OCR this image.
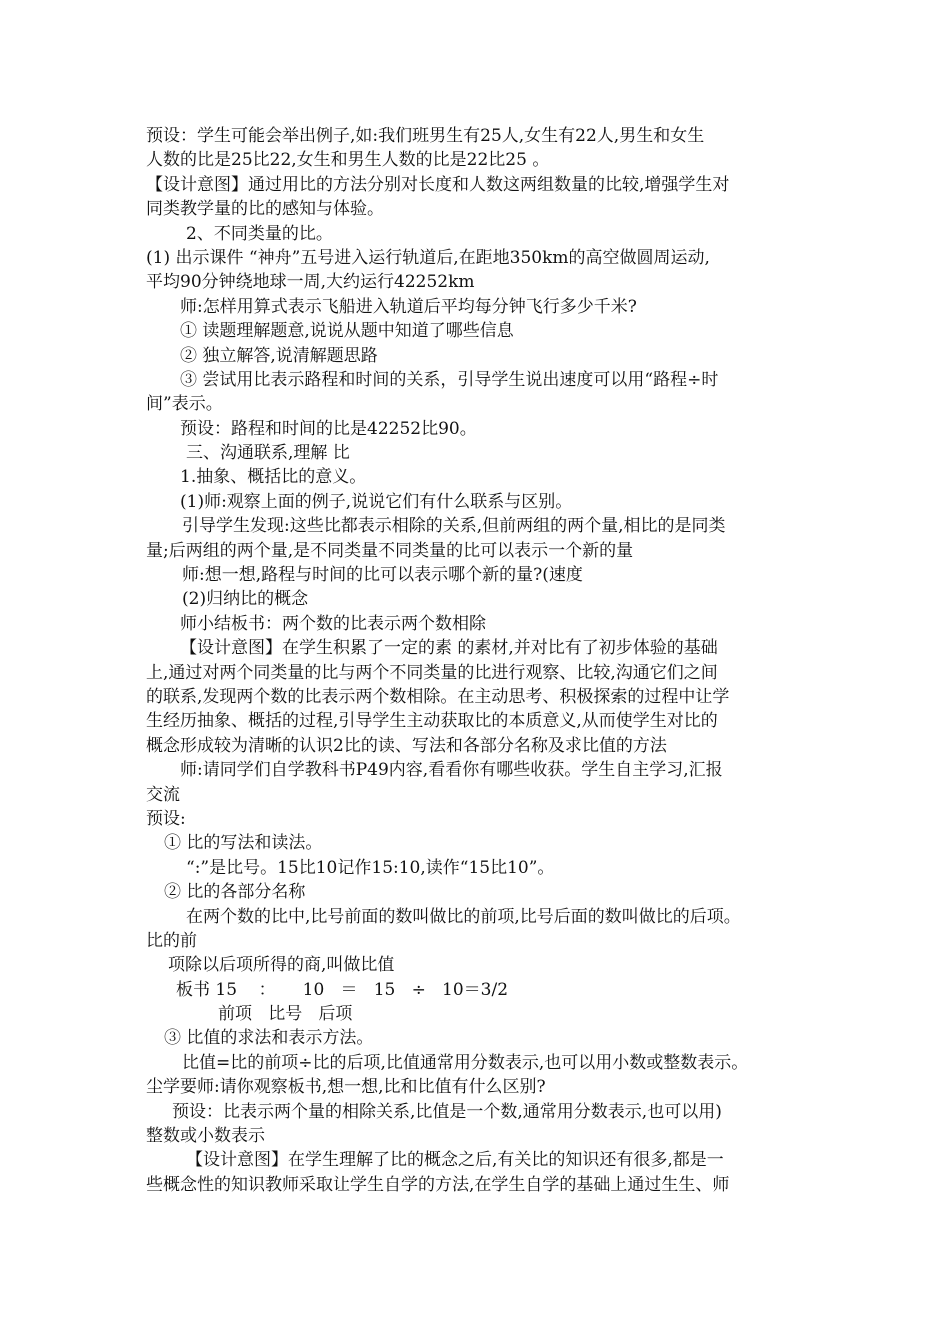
预设：学生可能会举出例子,如:我们班男生有25人,女生有22人,男生和女生
人数的比是25比22,女生和男生人数的比是22比25 。
【设计意图】通过用比的方法分别对长度和人数这两组数量的比较,增强学生对
同类教学量的比的感知与体验。
2、不同类量的比。
(1) 出示课件 “神舟”五号进入运行轨道后,在距地350km的高空做圆周运动,
平均90分钟绕地球一周,大约运行42252km
师:怎样用算式表示飞船进入轨道后平均每分钟飞行多少千米?
① 读题理解题意,说说从题中知道了哪些信息
② 独立解答,说清解题思路
③ 尝试用比表示路程和时间的关系，引导学生说出速度可以用“路程÷时
间”表示。
预设：路程和时间的比是42252比90。
三、沟通联系,理解 比
1.抽象、概括比的意义。
(1)师:观察上面的例子,说说它们有什么联系与区别。
引导学生发现:这些比都表示相除的关系,但前两组的两个量,相比的是同类
量;后两组的两个量,是不同类量不同类量的比可以表示一个新的量
师:想一想,路程与时间的比可以表示哪个新的量?(速度
(2)归纳比的概念
师小结板书：两个数的比表示两个数相除
【设计意图】在学生积累了一定的素 的素材,并对比有了初步体验的基础
上,通过对两个同类量的比与两个不同类量的比进行观察、比较,沟通它们之间
的联系,发现两个数的比表示两个数相除。在主动思考、积极探索的过程中让学
生经历抽象、概括的过程,引导学生主动获取比的本质意义,从而使学生对比的
概念形成较为清晰的认识2比的读、写法和各部分名称及求比值的方法
师:请同学们自学教科书P49内容,看看你有哪些收获。学生自主学习,汇报
交流
预设:
① 比的写法和读法。
“:”是比号。15比10记作15:10,读作“15比10”。
② 比的各部分名称
在两个数的比中,比号前面的数叫做比的前项,比号后面的数叫做比的后项。
比的前
项除以后项所得的商,叫做比值
板书 15    ：     10   ＝   15   ÷   10＝3/2
前项   比号   后项
③ 比值的求法和表示方法。
比值=比的前项÷比的后项,比值通常用分数表示,也可以用小数或整数表示。
尘学要师:请你观察板书,想一想,比和比值有什么区别?
预设：比表示两个量的相除关系,比值是一个数,通常用分数表示,也可以用)
整数或小数表示
【设计意图】在学生理解了比的概念之后,有关比的知识还有很多,都是一
些概念性的知识教师采取让学生自学的方法,在学生自学的基础上通过生生、师
